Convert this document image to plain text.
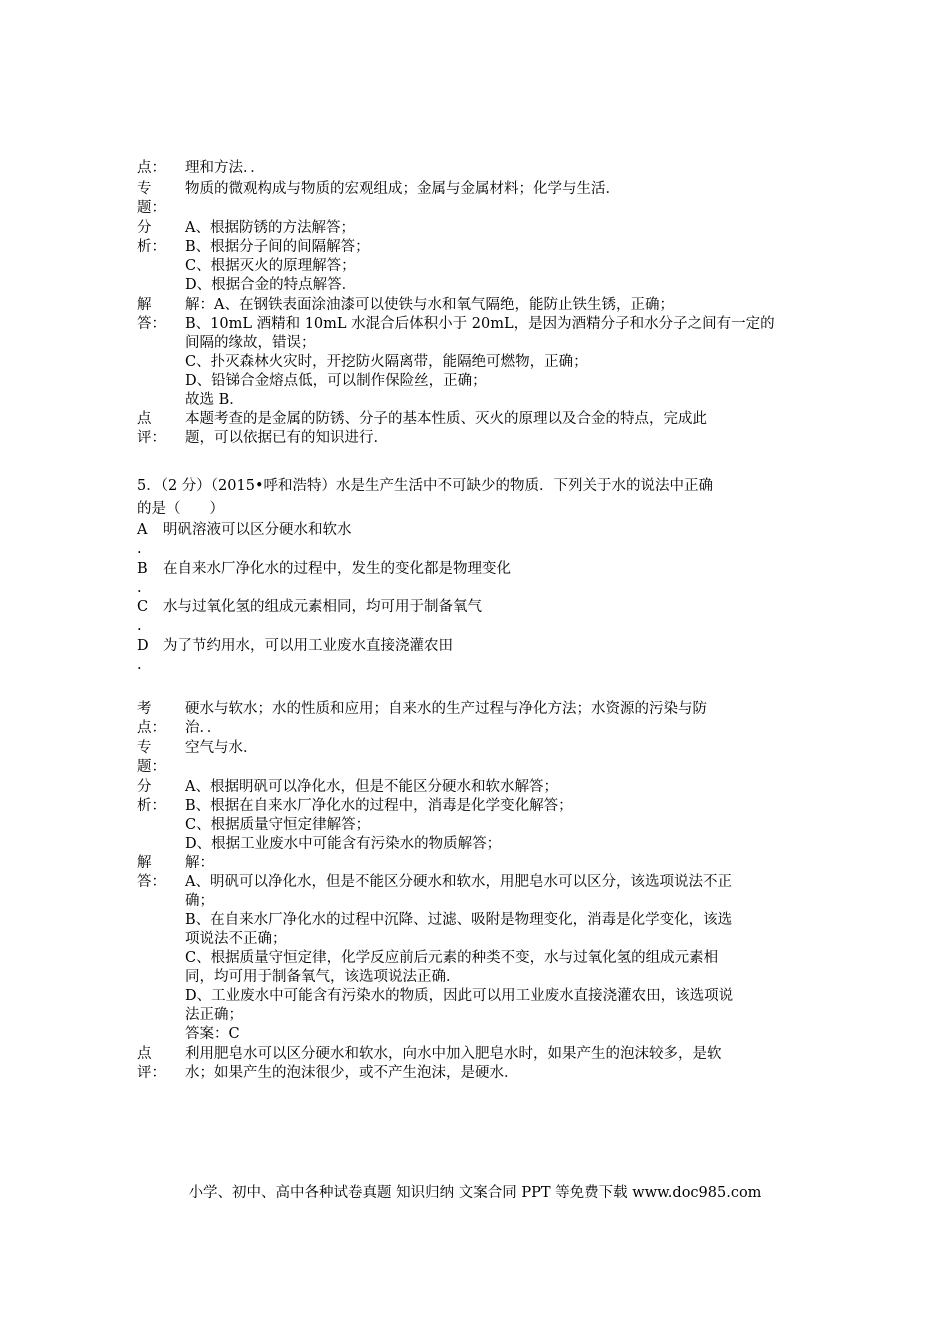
点： 理和方法．．
专
题：
物质的微观构成与物质的宏观组成；金属与金属材料；化学与生活．
分
析：
A、根据防锈的方法解答；
B、根据分子间的间隔解答；
C、根据灭火的原理解答；
D、根据合金的特点解答．
解
答：
解：A、在钢铁表面涂油漆可以使铁与水和氧气隔绝，能防止铁生锈，正确；
B、10mL 酒精和 10mL 水混合后体积小于 20mL，是因为酒精分子和水分子之间有一定的
间隔的缘故，错误；
C、扑灭森林火灾时，开挖防火隔离带，能隔绝可燃物，正确；
D、铅锑合金熔点低，可以制作保险丝，正确；
故选 B．
点
评：
本题考查的是金属的防锈、分子的基本性质、灭火的原理以及合金的特点，完成此
题，可以依据已有的知识进行．
5．（2 分）（2015•呼和浩特）水是生产生活中不可缺少的物质．下列关于水的说法中正确
的是（　　）
A
.
明矾溶液可以区分硬水和软水
B
.
在自来水厂净化水的过程中，发生的变化都是物理变化
C
.
水与过氧化氢的组成元素相同，均可用于制备氧气
D
.
为了节约用水，可以用工业废水直接浇灌农田
考
点：
硬水与软水；水的性质和应用；自来水的生产过程与净化方法；水资源的污染与防
治．．
专
题：
空气与水．
分
析：
A、根据明矾可以净化水，但是不能区分硬水和软水解答；
B、根据在自来水厂净化水的过程中，消毒是化学变化解答；
C、根据质量守恒定律解答；
D、根据工业废水中可能含有污染水的物质解答；
解
答：
解：
A、明矾可以净化水，但是不能区分硬水和软水，用肥皂水可以区分，该选项说法不正
确；
B、在自来水厂净化水的过程中沉降、过滤、吸附是物理变化，消毒是化学变化，该选
项说法不正确；
C、根据质量守恒定律，化学反应前后元素的种类不变，水与过氧化氢的组成元素相
同，均可用于制备氧气，该选项说法正确．
D、工业废水中可能含有污染水的物质，因此可以用工业废水直接浇灌农田，该选项说
法正确；
答案：C
点
评：
利用肥皂水可以区分硬水和软水，向水中加入肥皂水时，如果产生的泡沫较多，是软
水；如果产生的泡沫很少，或不产生泡沫，是硬水．
小学、初中、高中各种试卷真题 知识归纳 文案合同 PPT 等免费下载 www.doc985.com
